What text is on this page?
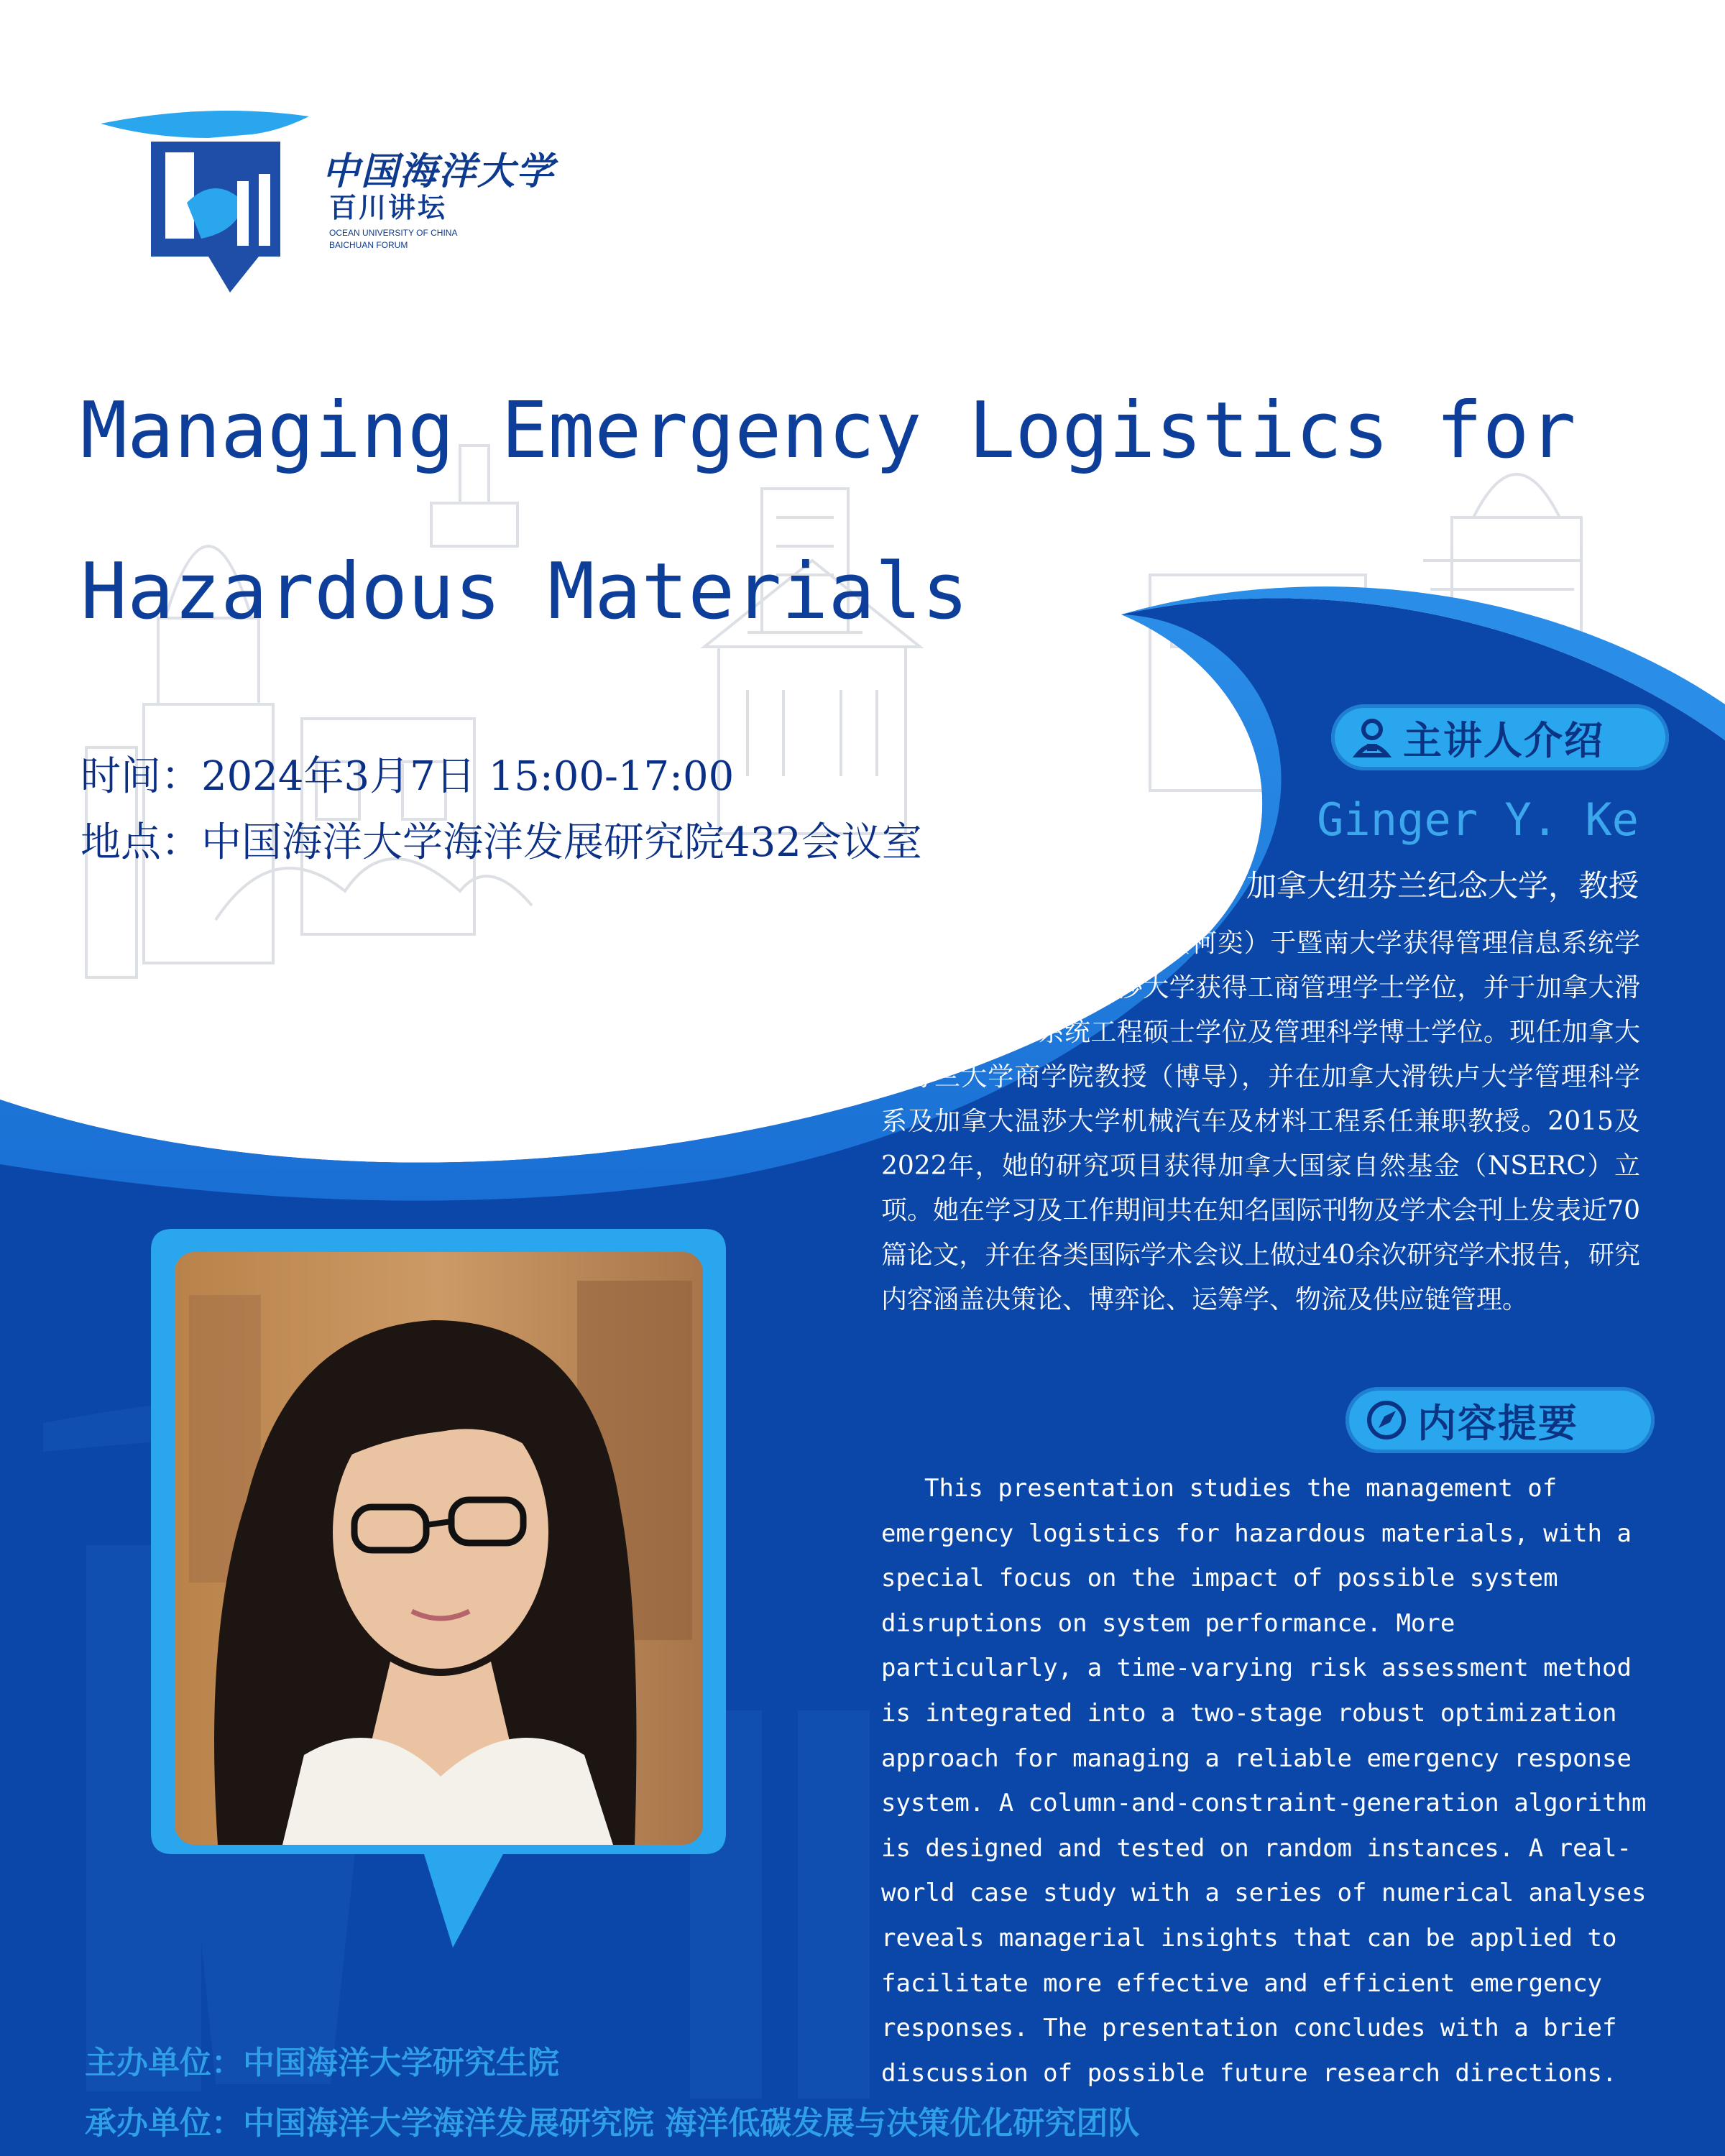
中国海洋大学
百川讲坛
OCEAN UNIVERSITY OF CHINA
BAICHUAN FORUM
Managing Emergency Logistics for
Hazardous Materials
时间：2024年3月7日 15:00-17:00
地点：中国海洋大学海洋发展研究院432会议室
主讲人介绍
Ginger Y. Ke
加拿大纽芬兰纪念大学，教授
Dr. Ginger Y. Ke（柯奕）于暨南大学获得管理信息系统学士学位，于加拿大温莎大学获得工商管理学士学位，并于加拿大滑铁卢大学获得系统工程硕士学位及管理科学博士学位。现任加拿大纽芬兰大学商学院教授（博导），并在加拿大滑铁卢大学管理科学系及加拿大温莎大学机械汽车及材料工程系任兼职教授。2015及2022年，她的研究项目获得加拿大国家自然基金（NSERC）立项。她在学习及工作期间共在知名国际刊物及学术会刊上发表近70篇论文，并在各类国际学术会议上做过40余次研究学术报告，研究内容涵盖决策论、博弈论、运筹学、物流及供应链管理。
内容提要
This presentation studies the management of emergency logistics for hazardous materials, with a special focus on the impact of possible system disruptions on system performance. More particularly, a time-varying risk assessment method is integrated into a two-stage robust optimization approach for managing a reliable emergency response system. A column-and-constraint-generation algorithm is designed and tested on random instances. A real-world case study with a series of numerical analyses reveals managerial insights that can be applied to facilitate more effective and efficient emergency responses. The presentation concludes with a brief discussion of possible future research directions.
主办单位：中国海洋大学研究生院
承办单位：中国海洋大学海洋发展研究院 海洋低碳发展与决策优化研究团队
